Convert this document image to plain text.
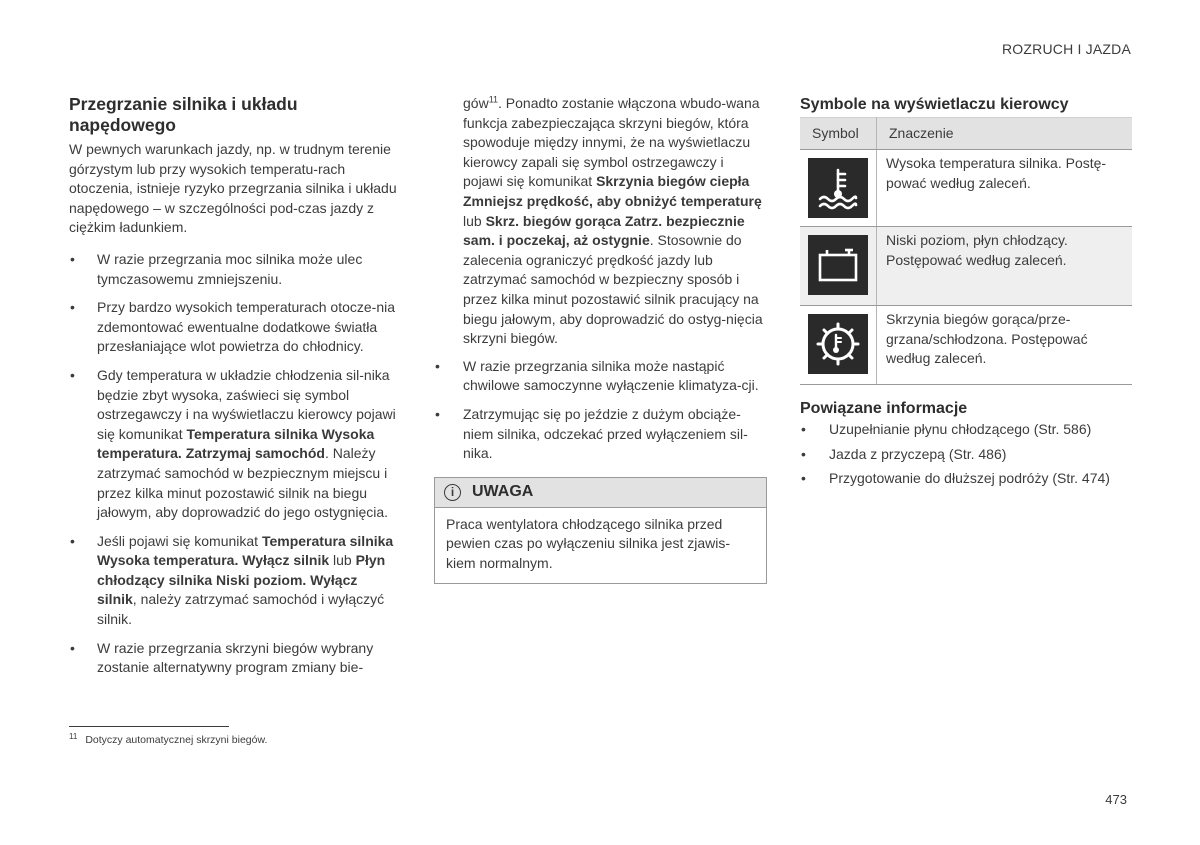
ROZRUCH I JAZDA
Przegrzanie silnika i układu napędowego

W pewnych warunkach jazdy, np. w trudnym terenie górzystym lub przy wysokich temperatu-rach otoczenia, istnieje ryzyko przegrzania silnika i układu napędowego – w szczególności pod-czas jazdy z ciężkim ładunkiem.

• W razie przegrzania moc silnika może ulec tymczasowemu zmniejszeniu.
• Przy bardzo wysokich temperaturach otocze-nia zdemontować ewentualne dodatkowe światła przesłaniające wlot powietrza do chłodnicy.
• Gdy temperatura w układzie chłodzenia sil-nika będzie zbyt wysoka, zaświeci się symbol ostrzegawczy i na wyświetlaczu kierowcy pojawi się komunikat Temperatura silnika Wysoka temperatura. Zatrzymaj samochód. Należy zatrzymać samochód w bezpiecznym miejscu i przez kilka minut pozostawić silnik na biegu jałowym, aby doprowadzić do jego ostygnięcia.
• Jeśli pojawi się komunikat Temperatura silnika Wysoka temperatura. Wyłącz silnik lub Płyn chłodzący silnika Niski poziom. Wyłącz silnik, należy zatrzymać samochód i wyłączyć silnik.
• W razie przegrzania skrzyni biegów wybrany zostanie alternatywny program zmiany bie-

gów$^{11}$. Ponadto zostanie włączona wbudo-wana funkcja zabezpieczająca skrzyni biegów, która spowoduje między innymi, że na wyświetlaczu kierowcy zapali się symbol ostrzegawczy i pojawi się komunikat Skrzynia biegów ciepła Zmniejsz prędkość, aby obniżyć temperaturę lub Skrz. biegów gorąca Zatrz. bezpiecznie sam. i poczekaj, aż ostygnie. Stosownie do zalecenia ograniczyć prędkość jazdy lub zatrzymać samochód w bezpieczny sposób i przez kilka minut pozostawić silnik pracujący na biegu jałowym, aby doprowadzić do ostyg-nięcia skrzyni biegów.

• W razie przegrzania silnika może nastąpić chwilowe samoczynne wyłączenie klimatyza-cji.
• Zatrzymując się po jeździe z dużym obciąże-niem silnika, odczekać przed wyłączeniem sil-nika.
i	UWAGA
Praca wentylatora chłodzącego silnika przed pewien czas po wyłączeniu silnika jest zjawis-kiem normalnym.
Symbole na wyświetlaczu kierowcy
Symbol	Znaczenie

	Wysoka temperatura silnika. Postę-pować według zaleceń.

	Niski poziom, płyn chłodzący. Postępować według zaleceń.

	Skrzynia biegów gorąca/prze-grzana/schłodzona. Postępować według zaleceń.
Powiązane informacje
• Uzupełnianie płynu chłodzącego (Str. 586)
• Jazda z przyczepą (Str. 486)
• Przygotowanie do dłuższej podróży (Str. 474)
$^{11}$ Dotyczy automatycznej skrzyni biegów.
473
